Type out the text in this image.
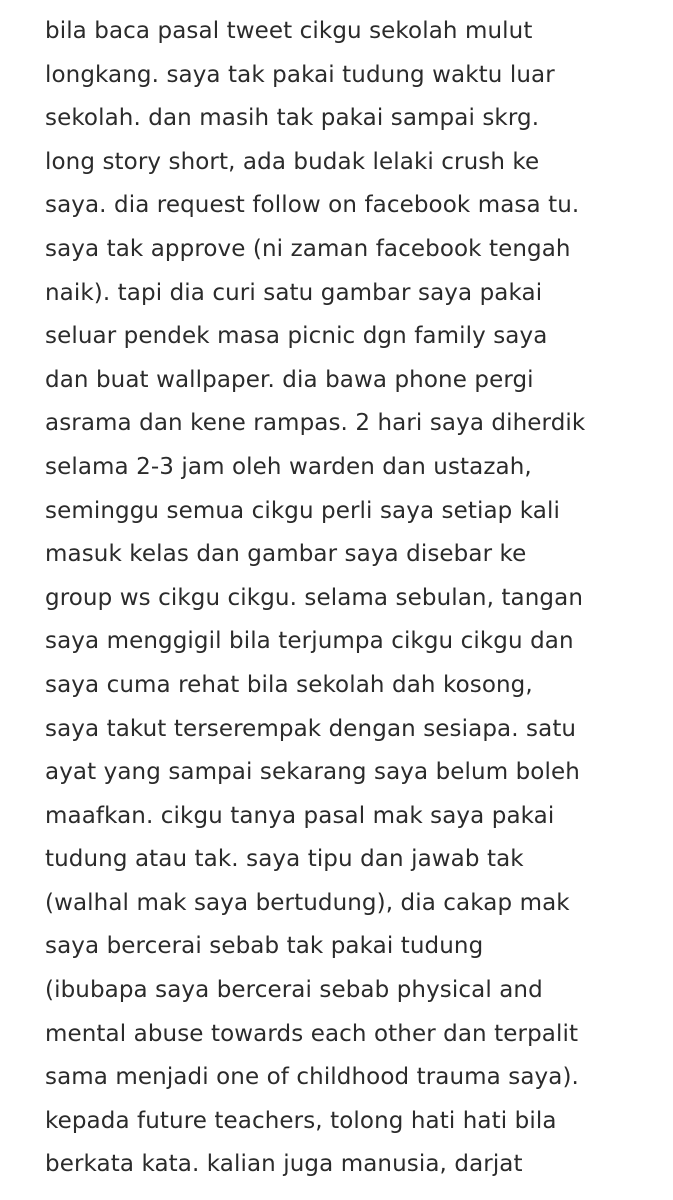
bila baca pasal tweet cikgu sekolah mulut
longkang. saya tak pakai tudung waktu luar
sekolah. dan masih tak pakai sampai skrg.
long story short, ada budak lelaki crush ke
saya. dia request follow on facebook masa tu.
saya tak approve (ni zaman facebook tengah
naik). tapi dia curi satu gambar saya pakai
seluar pendek masa picnic dgn family saya
dan buat wallpaper. dia bawa phone pergi
asrama dan kene rampas. 2 hari saya diherdik
selama 2-3 jam oleh warden dan ustazah,
seminggu semua cikgu perli saya setiap kali
masuk kelas dan gambar saya disebar ke
group ws cikgu cikgu. selama sebulan, tangan
saya menggigil bila terjumpa cikgu cikgu dan
saya cuma rehat bila sekolah dah kosong,
saya takut terserempak dengan sesiapa. satu
ayat yang sampai sekarang saya belum boleh
maafkan. cikgu tanya pasal mak saya pakai
tudung atau tak. saya tipu dan jawab tak
(walhal mak saya bertudung), dia cakap mak
saya bercerai sebab tak pakai tudung
(ibubapa saya bercerai sebab physical and
mental abuse towards each other dan terpalit
sama menjadi one of childhood trauma saya).
kepada future teachers, tolong hati hati bila
berkata kata. kalian juga manusia, darjat
